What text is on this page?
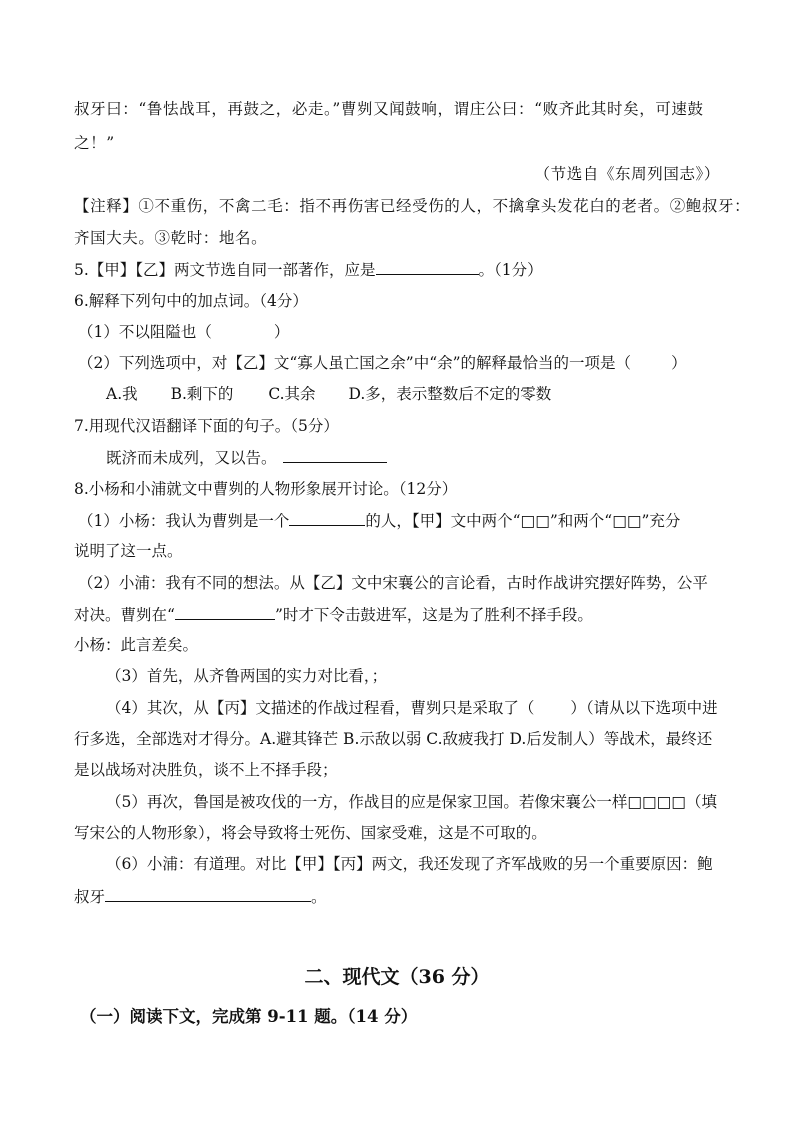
叔牙曰：“鲁怯战耳，再鼓之，必走。”曹刿又闻鼓响，谓庄公曰：“败齐此其时矣，可速鼓
之！”
（节选自《东周列国志》）
【注释】①不重伤，不禽二毛：指不再伤害已经受伤的人，不擒拿头发花白的老者。②鲍叔牙：
齐国大夫。③乾时：地名。
5.【甲】【乙】两文节选自同一部著作，应是	。（1分）
6.解释下列句中的加点词。（4分）
（1）不以阻隘也（	）
（2）下列选项中，对【乙】文“寡人虽亡国之余”中“余”的解释最恰当的一项是（	）
A.我 B.剩下的 C.其余 D.多，表示整数后不定的零数
7.用现代汉语翻译下面的句子。（5分）
既济而未成列，又以告。
8.小杨和小浦就文中曹刿的人物形象展开讨论。（12分）
（1）小杨：我认为曹刿是一个	的人，【甲】文中两个“□□”和两个“□□”充分
说明了这一点。
（2）小浦：我有不同的想法。从【乙】文中宋襄公的言论看，古时作战讲究摆好阵势，公平
对决。曹刿在“	”时才下令击鼓进军，这是为了胜利不择手段。
小杨：此言差矣。
（3）首先，从齐鲁两国的实力对比看，；
（4）其次，从【丙】文描述的作战过程看，曹刿只是采取了（ ）（请从以下选项中进
行多选，全部选对才得分。A.避其锋芒 B.示敌以弱 C.敌疲我打 D.后发制人）等战术，最终还
是以战场对决胜负，谈不上不择手段；
（5）再次，鲁国是被攻伐的一方，作战目的应是保家卫国。若像宋襄公一样□□□□（填
写宋公的人物形象），将会导致将士死伤、国家受难，这是不可取的。
（6）小浦：有道理。对比【甲】【丙】两文，我还发现了齐军战败的另一个重要原因：鲍
叔牙	。
二、现代文（36 分）
（一）阅读下文，完成第 9-11 题。（14 分）
